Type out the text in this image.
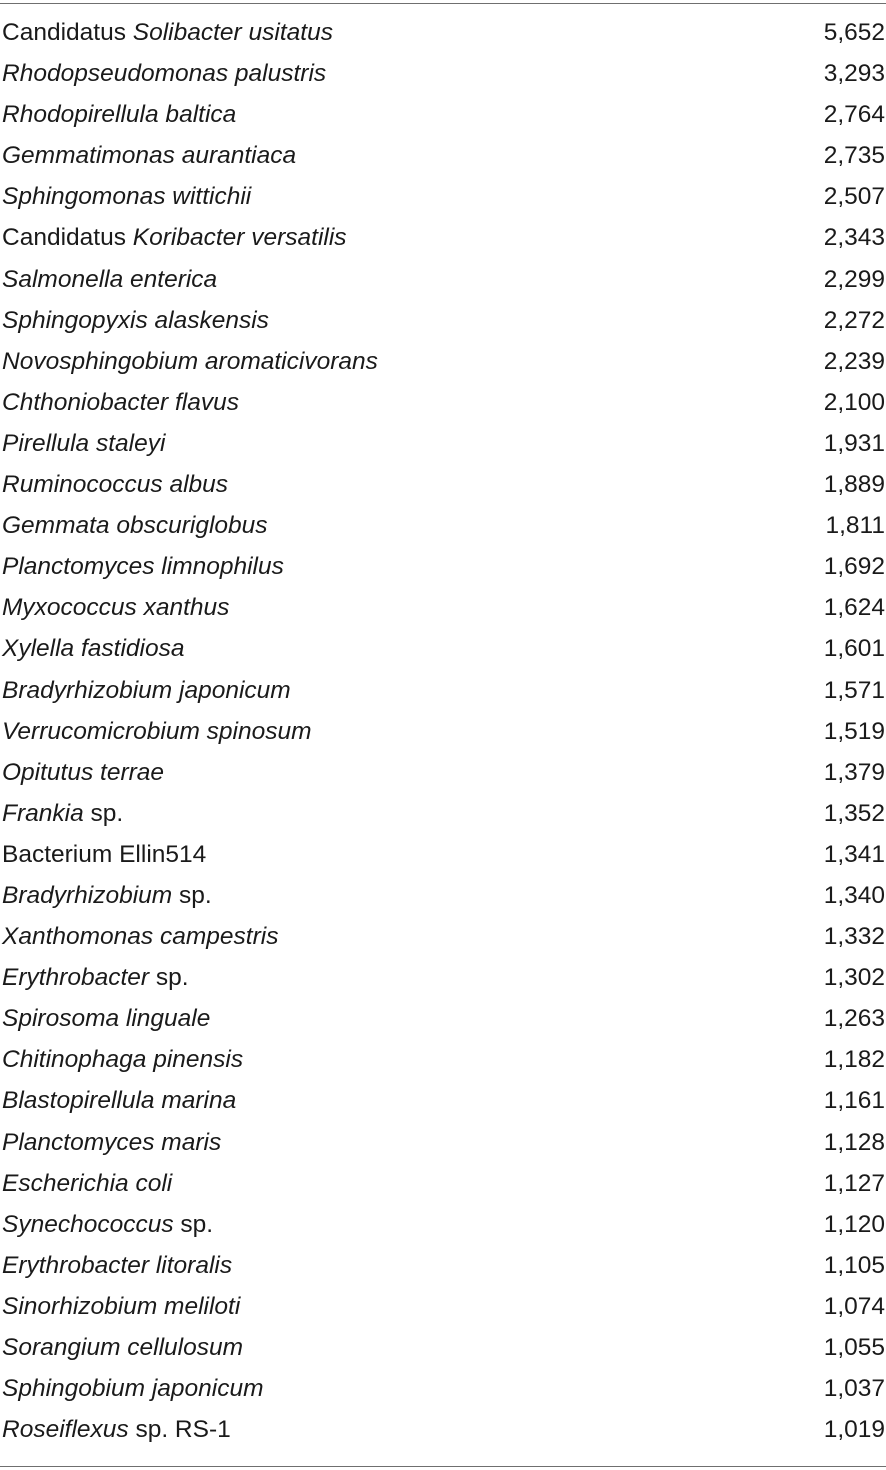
Candidatus Solibacter usitatus	5,652
Rhodopseudomonas palustris	3,293
Rhodopirellula baltica	2,764
Gemmatimonas aurantiaca	2,735
Sphingomonas wittichii	2,507
Candidatus Koribacter versatilis	2,343
Salmonella enterica	2,299
Sphingopyxis alaskensis	2,272
Novosphingobium aromaticivorans	2,239
Chthoniobacter flavus	2,100
Pirellula staleyi	1,931
Ruminococcus albus	1,889
Gemmata obscuriglobus	1,811
Planctomyces limnophilus	1,692
Myxococcus xanthus	1,624
Xylella fastidiosa	1,601
Bradyrhizobium japonicum	1,571
Verrucomicrobium spinosum	1,519
Opitutus terrae	1,379
Frankia sp.	1,352
Bacterium Ellin514	1,341
Bradyrhizobium sp.	1,340
Xanthomonas campestris	1,332
Erythrobacter sp.	1,302
Spirosoma linguale	1,263
Chitinophaga pinensis	1,182
Blastopirellula marina	1,161
Planctomyces maris	1,128
Escherichia coli	1,127
Synechococcus sp.	1,120
Erythrobacter litoralis	1,105
Sinorhizobium meliloti	1,074
Sorangium cellulosum	1,055
Sphingobium japonicum	1,037
Roseiflexus sp. RS-1	1,019
